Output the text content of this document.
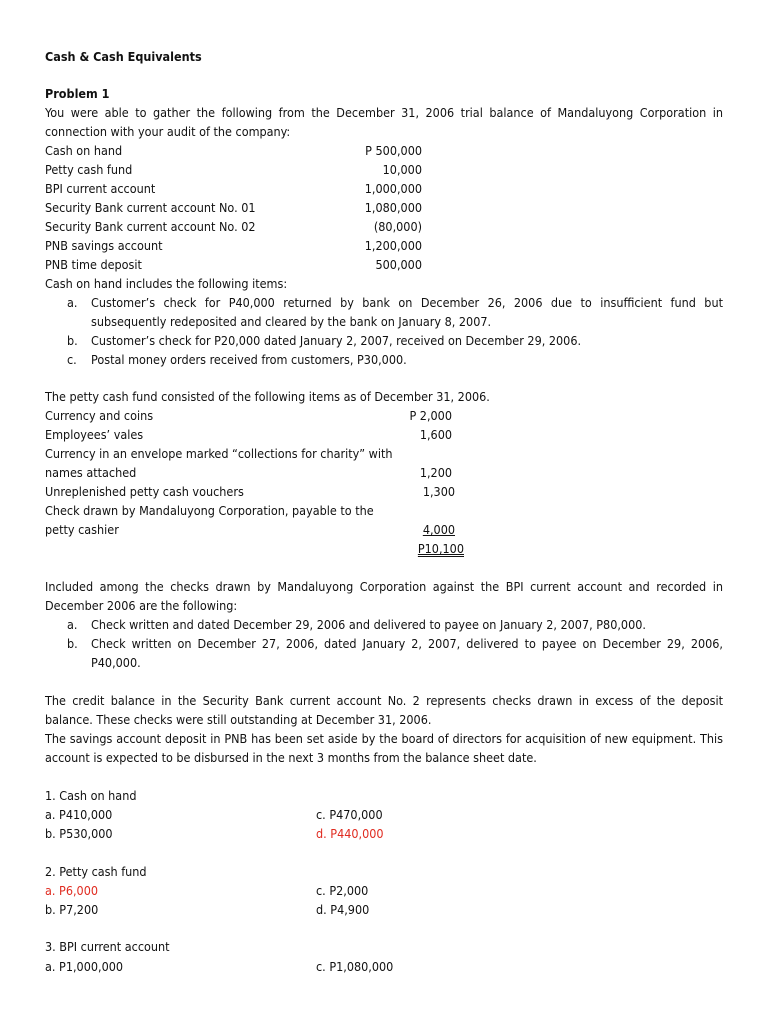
Cash & Cash Equivalents
Problem 1
You were able to gather the following from the December 31, 2006 trial balance of Mandaluyong Corporation in connection with your audit of the company:
Cash on hand	P 500,000
Petty cash fund	10,000
BPI current account	1,000,000
Security Bank current account No. 01	1,080,000
Security Bank current account No. 02	(80,000)
PNB savings account	1,200,000
PNB time deposit	500,000
Cash on hand includes the following items:
a. Customer’s check for P40,000 returned by bank on December 26, 2006 due to insufficient fund but
subsequently redeposited and cleared by the bank on January 8, 2007.
b. Customer’s check for P20,000 dated January 2, 2007, received on December 29, 2006.
c. Postal money orders received from customers, P30,000.
The petty cash fund consisted of the following items as of December 31, 2006.
Currency and coins	P 2,000
Employees’ vales	1,600
Currency in an envelope marked “collections for charity” with
names attached	1,200
Unreplenished petty cash vouchers	1,300
Check drawn by Mandaluyong Corporation, payable to the
petty cashier	4,000
P10,100
Included among the checks drawn by Mandaluyong Corporation against the BPI current account and recorded in December 2006 are the following:
a. Check written and dated December 29, 2006 and delivered to payee on January 2, 2007, P80,000.
b. Check written on December 27, 2006, dated January 2, 2007, delivered to payee on December 29, 2006,
P40,000.
The credit balance in the Security Bank current account No. 2 represents checks drawn in excess of the deposit balance. These checks were still outstanding at December 31, 2006.
The savings account deposit in PNB has been set aside by the board of directors for acquisition of new equipment. This account is expected to be disbursed in the next 3 months from the balance sheet date.
1. Cash on hand
a. P410,000	c. P470,000
b. P530,000	d. P440,000
2. Petty cash fund
a. P6,000	c. P2,000
b. P7,200	d. P4,900
3. BPI current account
a. P1,000,000	c. P1,080,000
